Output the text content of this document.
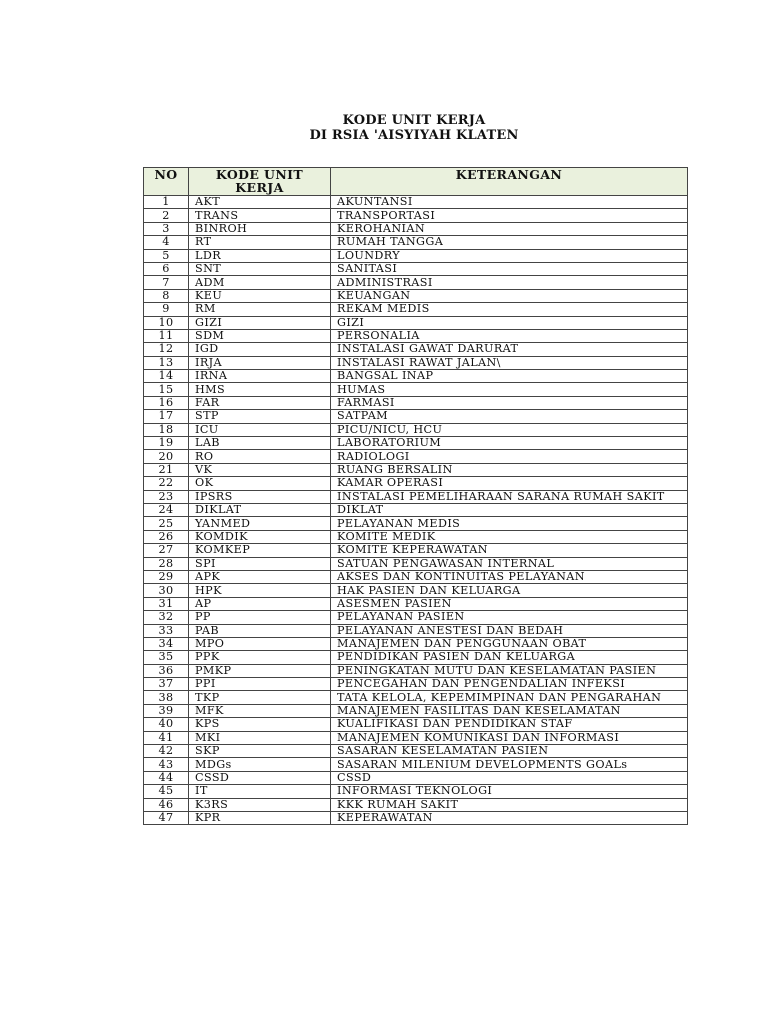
KODE UNIT KERJA
DI RSIA 'AISYIYAH KLATEN
NO	KODE UNIT KERJA	KETERANGAN
1	AKT	AKUNTANSI
2	TRANS	TRANSPORTASI
3	BINROH	KEROHANIAN
4	RT	RUMAH TANGGA
5	LDR	LOUNDRY
6	SNT	SANITASI
7	ADM	ADMINISTRASI
8	KEU	KEUANGAN
9	RM	REKAM MEDIS
10	GIZI	GIZI
11	SDM	PERSONALIA
12	IGD	INSTALASI GAWAT DARURAT
13	IRJA	INSTALASI RAWAT JALAN\
14	IRNA	BANGSAL INAP
15	HMS	HUMAS
16	FAR	FARMASI
17	STP	SATPAM
18	ICU	PICU/NICU, HCU
19	LAB	LABORATORIUM
20	RO	RADIOLOGI
21	VK	RUANG BERSALIN
22	OK	KAMAR OPERASI
23	IPSRS	INSTALASI PEMELIHARAAN SARANA RUMAH SAKIT
24	DIKLAT	DIKLAT
25	YANMED	PELAYANAN MEDIS
26	KOMDIK	KOMITE MEDIK
27	KOMKEP	KOMITE KEPERAWATAN
28	SPI	SATUAN PENGAWASAN INTERNAL
29	APK	AKSES DAN KONTINUITAS PELAYANAN
30	HPK	HAK PASIEN DAN KELUARGA
31	AP	ASESMEN PASIEN
32	PP	PELAYANAN PASIEN
33	PAB	PELAYANAN ANESTESI DAN BEDAH
34	MPO	MANAJEMEN DAN PENGGUNAAN OBAT
35	PPK	PENDIDIKAN PASIEN DAN KELUARGA
36	PMKP	PENINGKATAN MUTU DAN KESELAMATAN PASIEN
37	PPI	PENCEGAHAN DAN PENGENDALIAN INFEKSI
38	TKP	TATA KELOLA, KEPEMIMPINAN DAN PENGARAHAN
39	MFK	MANAJEMEN FASILITAS DAN KESELAMATAN
40	KPS	KUALIFIKASI DAN PENDIDIKAN STAF
41	MKI	MANAJEMEN KOMUNIKASI DAN INFORMASI
42	SKP	SASARAN KESELAMATAN PASIEN
43	MDGs	SASARAN MILENIUM DEVELOPMENTS GOALs
44	CSSD	CSSD
45	IT	INFORMASI TEKNOLOGI
46	K3RS	KKK RUMAH SAKIT
47	KPR	KEPERAWATAN
